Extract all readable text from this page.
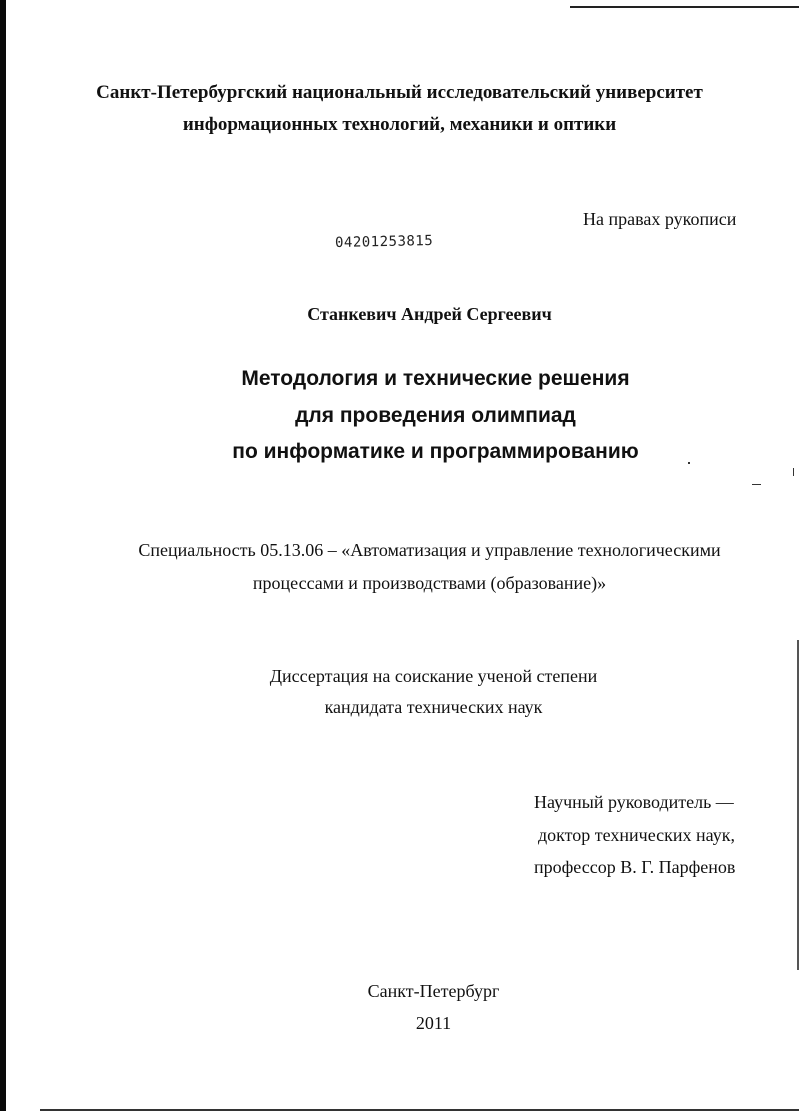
Санкт-Петербургский национальный исследовательский университет
информационных технологий, механики и оптики
На правах рукописи
04201253815
Станкевич Андрей Сергеевич
Методология и технические решения
для проведения олимпиад
по информатике и программированию
Специальность 05.13.06 – «Автоматизация и управление технологическими
процессами и производствами (образование)»
Диссертация на соискание ученой степени
кандидата технических наук
Научный руководитель —
доктор технических наук,
профессор В. Г. Парфенов
Санкт-Петербург
2011
